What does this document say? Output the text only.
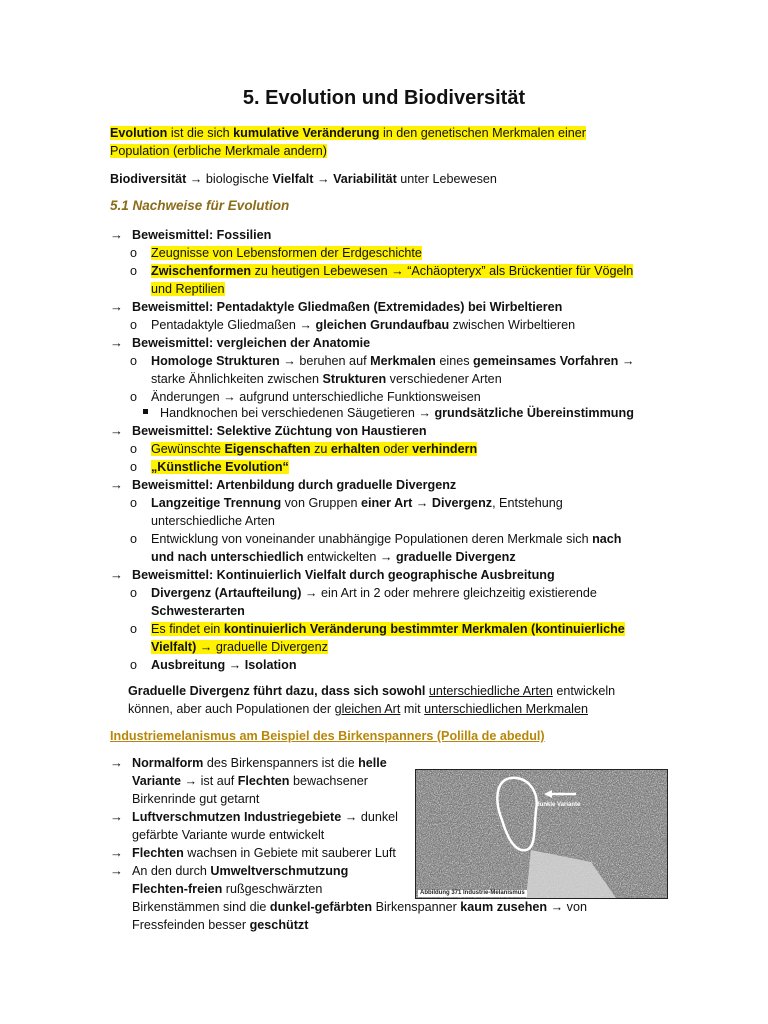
5. Evolution und Biodiversität
Evolution ist die sich kumulative Veränderung in den genetischen Merkmalen einer
Population (erbliche Merkmale andern)
Biodiversität → biologische Vielfalt → Variabilität unter Lebewesen
5.1 Nachweise für Evolution
→ Beweismittel: Fossilien
o Zeugnisse von Lebensformen der Erdgeschichte
o Zwischenformen zu heutigen Lebewesen → “Achäopteryx” als Brückentier für Vögeln
und Reptilien
→ Beweismittel: Pentadaktyle Gliedmaßen (Extremidades) bei Wirbeltieren
o Pentadaktyle Gliedmaßen → gleichen Grundaufbau zwischen Wirbeltieren
→ Beweismittel: vergleichen der Anatomie
o Homologe Strukturen → beruhen auf Merkmalen eines gemeinsames Vorfahren →
starke Ähnlichkeiten zwischen Strukturen verschiedener Arten
o Änderungen → aufgrund unterschiedliche Funktionsweisen
Handknochen bei verschiedenen Säugetieren → grundsätzliche Übereinstimmung
→ Beweismittel: Selektive Züchtung von Haustieren
o Gewünschte Eigenschaften zu erhalten oder verhindern
o „Künstliche Evolution“
→ Beweismittel: Artenbildung durch graduelle Divergenz
o Langzeitige Trennung von Gruppen einer Art → Divergenz, Entstehung
unterschiedliche Arten
o Entwicklung von voneinander unabhängige Populationen deren Merkmale sich nach
und nach unterschiedlich entwickelten → graduelle Divergenz
→ Beweismittel: Kontinuierlich Vielfalt durch geographische Ausbreitung
o Divergenz (Artaufteilung) → ein Art in 2 oder mehrere gleichzeitig existierende
Schwesterarten
o Es findet ein kontinuierlich Veränderung bestimmter Merkmalen (kontinuierliche
Vielfalt) → graduelle Divergenz
o Ausbreitung → Isolation
Graduelle Divergenz führt dazu, dass sich sowohl unterschiedliche Arten entwickeln
können, aber auch Populationen der gleichen Art mit unterschiedlichen Merkmalen
Industriemelanismus am Beispiel des Birkenspanners (Polilla de abedul)
→ Normalform des Birkenspanners ist die helle
Variante → ist auf Flechten bewachsener
Birkenrinde gut getarnt
→ Luftverschmutzen Industriegebiete → dunkel
gefärbte Variante wurde entwickelt
→ Flechten wachsen in Gebiete mit sauberer Luft
→ An den durch Umweltverschmutzung
Flechten-freien rußgeschwärzten
Birkenstämmen sind die dunkel-gefärbten Birkenspanner kaum zusehen → von
Fressfeinden besser geschützt
dunkle Variante
Abbildung 371 Industrie-Melanismus
